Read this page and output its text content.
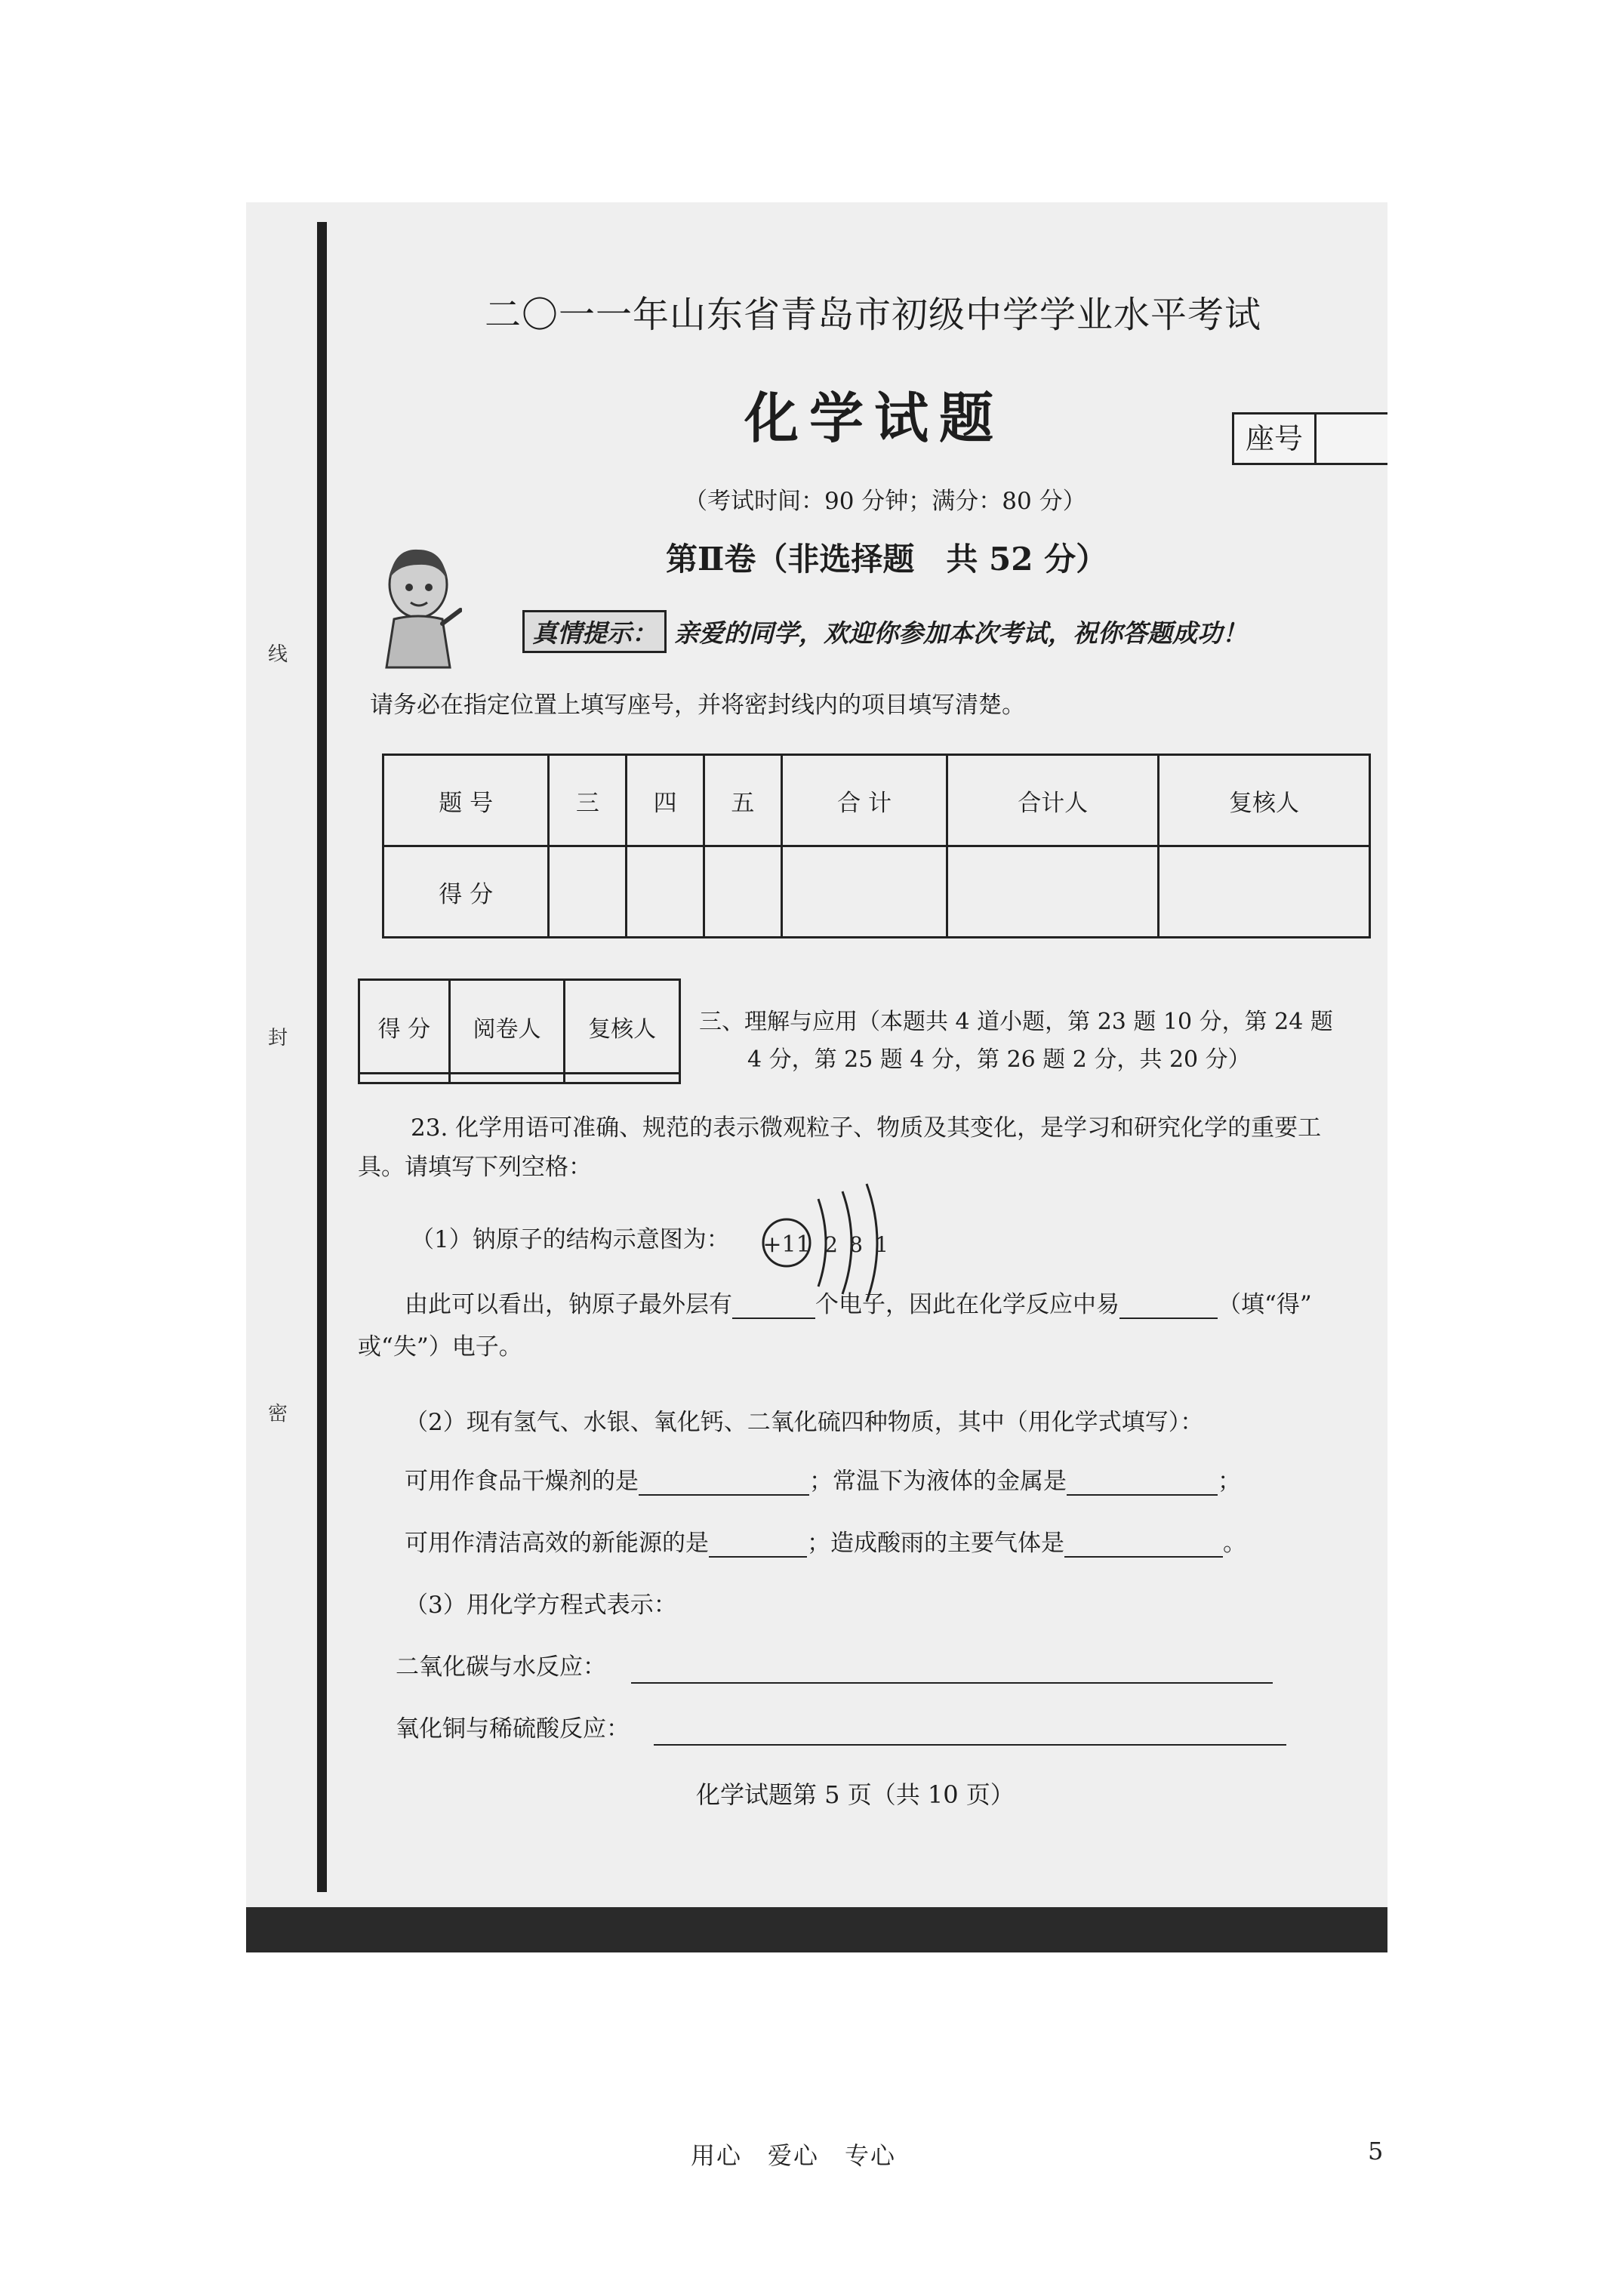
线
封
密
二〇一一年山东省青岛市初级中学学业水平考试
化学试题	座号
（考试时间：90 分钟；满分：80 分）
第Ⅱ卷（非选择题　共 52 分）
真情提示： 亲爱的同学，欢迎你参加本次考试，祝你答题成功！
请务必在指定位置上填写座号，并将密封线内的项目填写清楚。
题 号	三	四	五	合 计	合计人	复核人
得 分						
得 分	阅卷人	复核人
		三、理解与应用（本题共 4 道小题，第 23 题 10 分，第 24 题
4 分，第 25 题 4 分，第 26 题 2 分，共 20 分）
23. 化学用语可准确、规范的表示微观粒子、物质及其变化，是学习和研究化学的重要工
具。请填写下列空格：
（1）钠原子的结构示意图为： +11 2 8 1
由此可以看出，钠原子最外层有	个电子，因此在化学反应中易	（填“得”
或“失”）电子。
（2）现有氢气、水银、氧化钙、二氧化硫四种物质，其中（用化学式填写）：
可用作食品干燥剂的是	；常温下为液体的金属是	；
可用作清洁高效的新能源的是	；造成酸雨的主要气体是	。
（3）用化学方程式表示：
二氧化碳与水反应：
氧化铜与稀硫酸反应：
化学试题第 5 页（共 10 页）
用心　爱心　专心	5
